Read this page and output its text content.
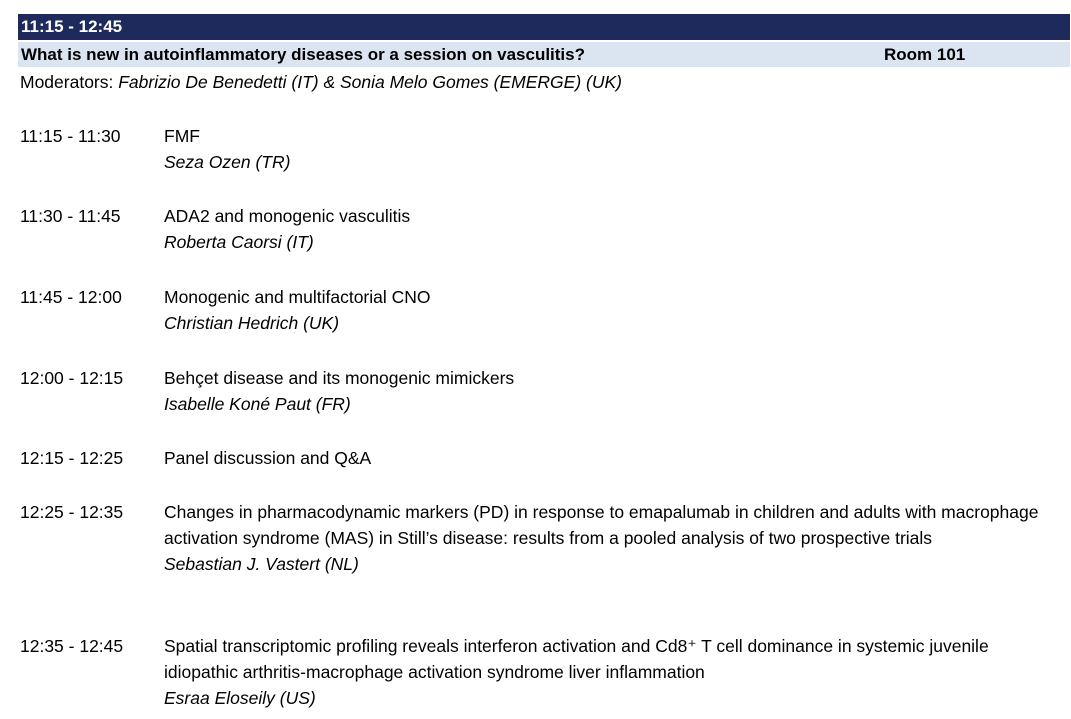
11:15 - 12:45
What is new in autoinflammatory diseases or a session on vasculitis?	Room 101
Moderators: Fabrizio De Benedetti (IT) & Sonia Melo Gomes (EMERGE) (UK)
11:15 - 11:30 FMF
Seza Ozen (TR)
11:30 - 11:45 ADA2 and monogenic vasculitis
Roberta Caorsi (IT)
11:45 - 12:00 Monogenic and multifactorial CNO
Christian Hedrich (UK)
12:00 - 12:15 Behçet disease and its monogenic mimickers
Isabelle Koné Paut (FR)
12:15 - 12:25 Panel discussion and Q&A
12:25 - 12:35 Changes in pharmacodynamic markers (PD) in response to emapalumab in children and adults with macrophage activation syndrome (MAS) in Still’s disease: results from a pooled analysis of two prospective trials
Sebastian J. Vastert (NL)
12:35 - 12:45 Spatial transcriptomic profiling reveals interferon activation and Cd8⁺ T cell dominance in systemic juvenile idiopathic arthritis-macrophage activation syndrome liver inflammation
Esraa Eloseily (US)
